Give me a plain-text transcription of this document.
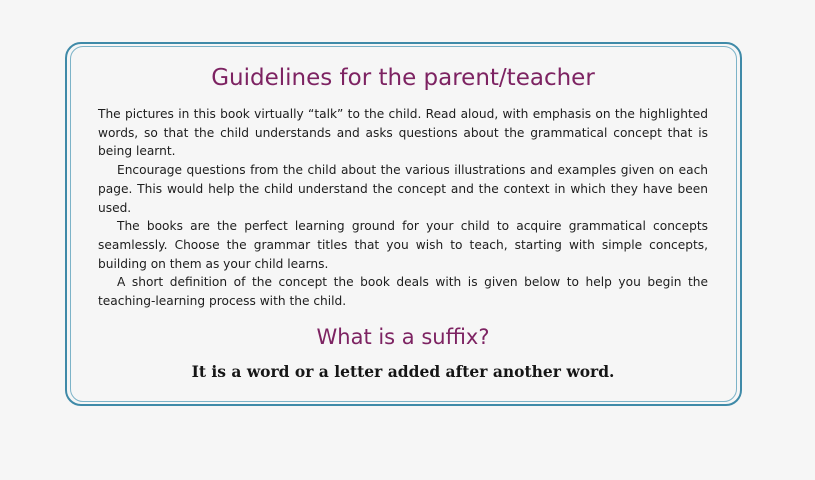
Guidelines for the parent/teacher

The pictures in this book virtually “talk” to the child. Read aloud, with emphasis on the highlighted words, so that the child understands and asks questions about the grammatical concept that is being learnt.

Encourage questions from the child about the various illustrations and examples given on each page. This would help the child understand the concept and the context in which they have been used.

The books are the perfect learning ground for your child to acquire grammatical concepts seamlessly. Choose the grammar titles that you wish to teach, starting with simple concepts, building on them as your child learns.

A short definition of the concept the book deals with is given below to help you begin the teaching-learning process with the child.

What is a suffix?

It is a word or a letter added after another word.
